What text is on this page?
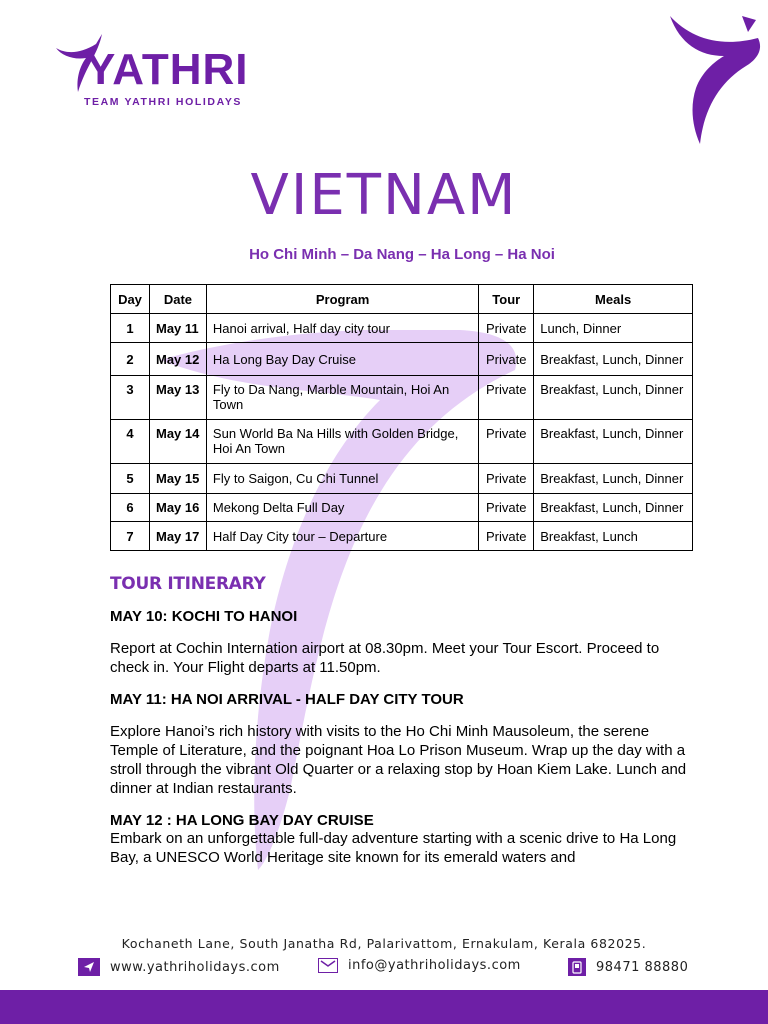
YATHRI
TEAM YATHRI HOLIDAYS
VIETNAM
Ho Chi Minh – Da Nang – Ha Long – Ha Noi
Day	Date	Program	Tour	Meals
1	May 11	Hanoi arrival, Half day city tour	Private	Lunch, Dinner
2	May 12	Ha Long Bay Day Cruise	Private	Breakfast, Lunch, Dinner
3	May 13	Fly to Da Nang, Marble Mountain, Hoi An Town	Private	Breakfast, Lunch, Dinner
4	May 14	Sun World Ba Na Hills with Golden Bridge, Hoi An Town	Private	Breakfast, Lunch, Dinner
5	May 15	Fly to Saigon, Cu Chi Tunnel	Private	Breakfast, Lunch, Dinner
6	May 16	Mekong Delta Full Day	Private	Breakfast, Lunch, Dinner
7	May 17	Half Day City tour – Departure	Private	Breakfast, Lunch
TOUR ITINERARY
MAY 10: KOCHI TO HANOI

Report at Cochin Internation airport at 08.30pm. Meet your Tour Escort. Proceed to check in. Your Flight departs at 11.50pm.

MAY 11: HA NOI ARRIVAL - HALF DAY CITY TOUR

Explore Hanoi’s rich history with visits to the Ho Chi Minh Mausoleum, the serene Temple of Literature, and the poignant Hoa Lo Prison Museum. Wrap up the day with a stroll through the vibrant Old Quarter or a relaxing stop by Hoan Kiem Lake. Lunch and dinner at Indian restaurants.

MAY 12 : HA LONG BAY DAY CRUISE

Embark on an unforgettable full-day adventure starting with a scenic drive to Ha Long Bay, a UNESCO World Heritage site known for its emerald waters and

Kochaneth Lane, South Janatha Rd, Palarivattom, Ernakulam, Kerala 682025.
www.yathriholidays.com	info@yathriholidays.com	98471 88880
